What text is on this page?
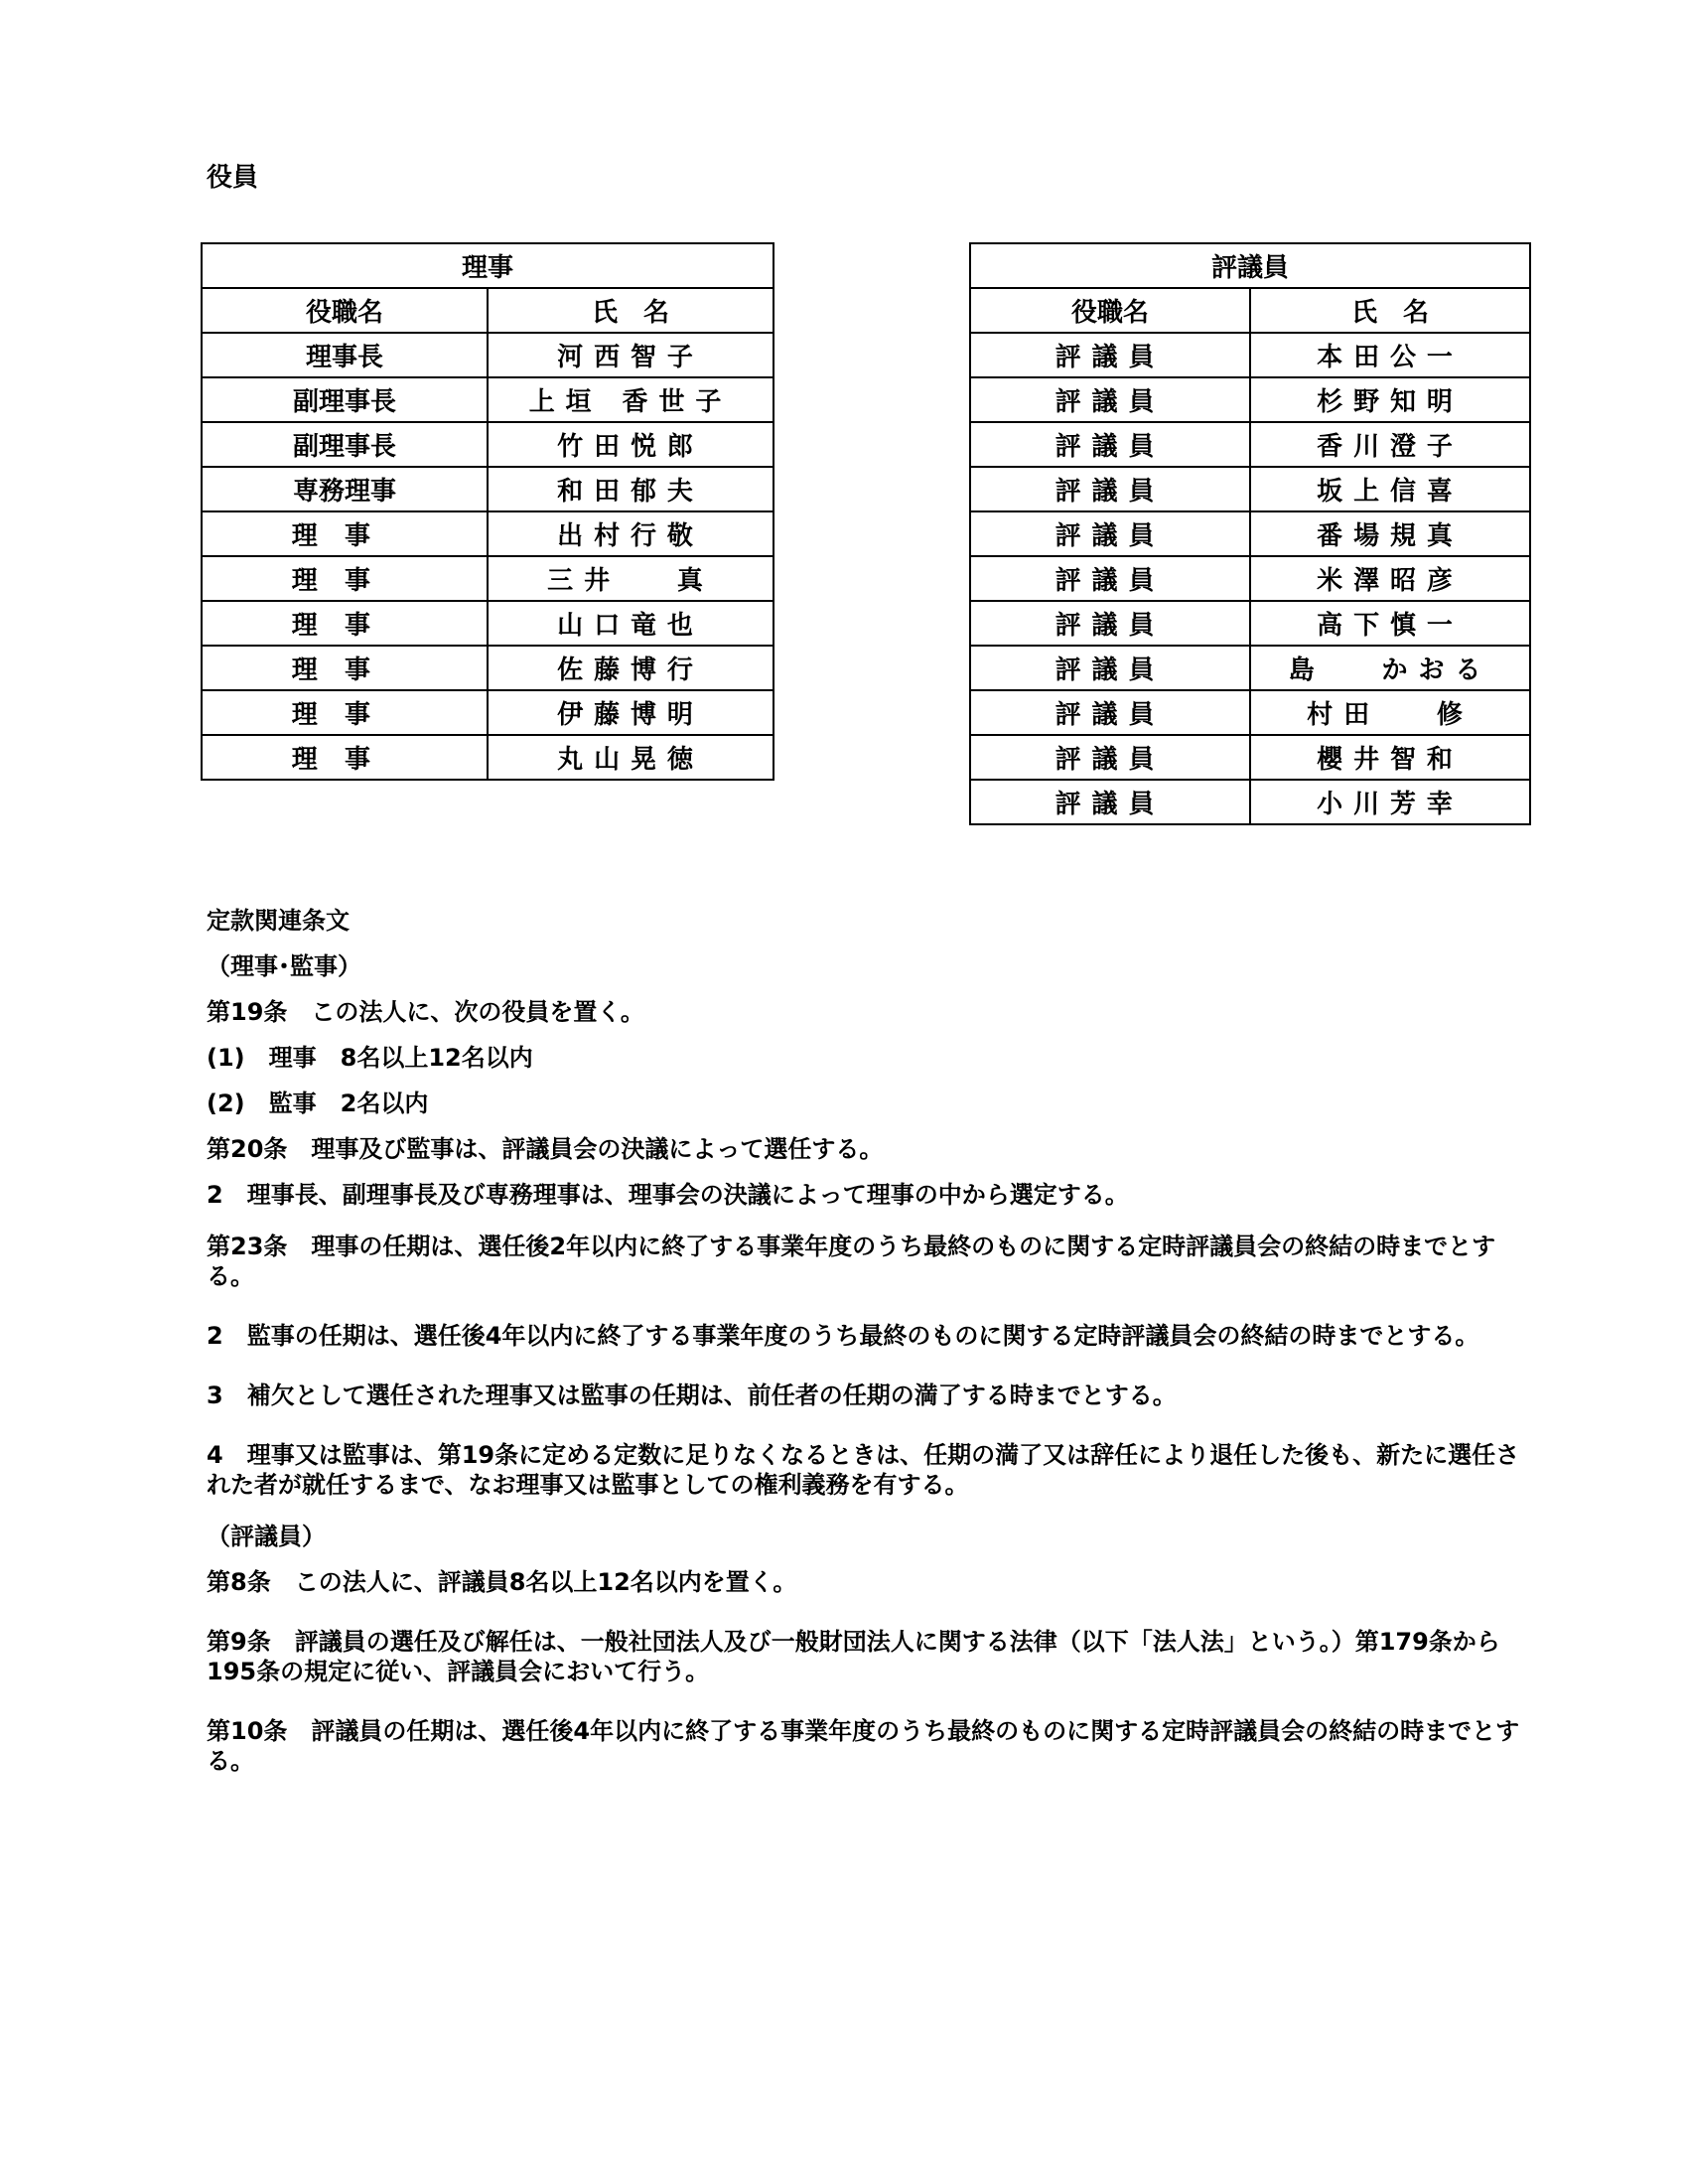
役員
理事	
役職名	氏　名
理事長	河西智子
副理事長	上垣 香世子
副理事長	竹田悦郎
専務理事	和田郁夫
理事	出村行敬
理事	三井　 真
理事	山口竜也
理事	佐藤博行
理事	伊藤博明
理事	丸山晃徳
評議員	
役職名	氏　名
評議員	本田公一
評議員	杉野知明
評議員	香川澄子
評議員	坂上信喜
評議員	番場規真
評議員	米澤昭彦
評議員	高下慎一
評議員	島　 かおる
評議員	村田　 修
評議員	櫻井智和
評議員	小川芳幸

定款関連条文

（理事･監事）

第19条　この法人に、次の役員を置く。

(1)　理事　8名以上12名以内

(2)　監事　2名以内

第20条　理事及び監事は、評議員会の決議によって選任する。

2　理事長、副理事長及び専務理事は、理事会の決議によって理事の中から選定する。

第23条　理事の任期は、選任後2年以内に終了する事業年度のうち最終のものに関する定時評議員会の終結の時までとする。

2　監事の任期は、選任後4年以内に終了する事業年度のうち最終のものに関する定時評議員会の終結の時までとする。

3　補欠として選任された理事又は監事の任期は、前任者の任期の満了する時までとする。

4　理事又は監事は、第19条に定める定数に足りなくなるときは、任期の満了又は辞任により退任した後も、新たに選任された者が就任するまで、なお理事又は監事としての権利義務を有する。

（評議員）

第8条　この法人に、評議員8名以上12名以内を置く。

第9条　評議員の選任及び解任は、一般社団法人及び一般財団法人に関する法律（以下「法人法」という。）第179条から195条の規定に従い、評議員会において行う。

第10条　評議員の任期は、選任後4年以内に終了する事業年度のうち最終のものに関する定時評議員会の終結の時までとする。
